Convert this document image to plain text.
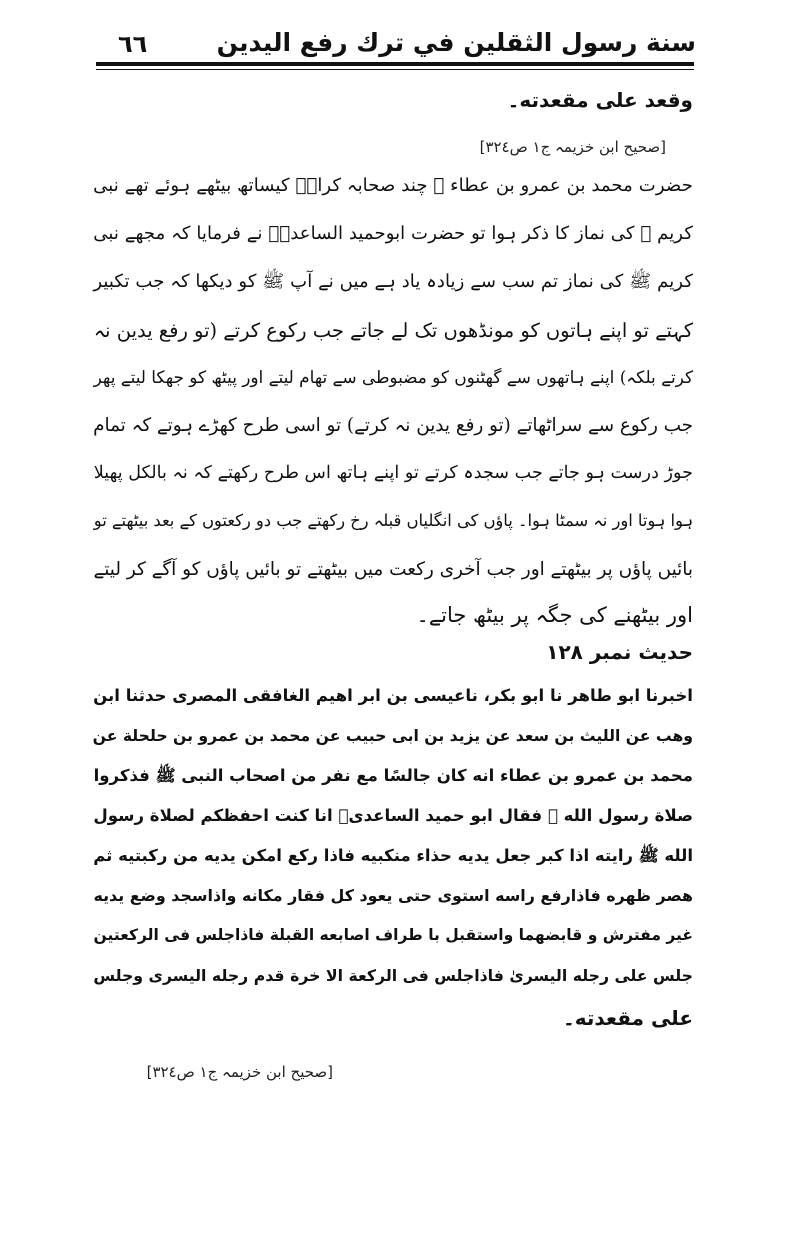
٦٦	سنة رسول الثقلين في ترك رفع اليدين
وقعد علی مقعدته۔
[صحیح ابن خزیمہ ج۱ ص۳۲٤]
حضرت محمد بن عمرو بن عطاء ؒ چند صحابہ کرامؓ کیساتھ بیٹھے ہوئے تھے نبی
کریم ﷺ کی نماز کا ذکر ہوا تو حضرت ابوحمید الساعدیؓ نے فرمایا کہ مجھے نبی
کریم ﷺ کی نماز تم سب سے زیادہ یاد ہے میں نے آپ ﷺ کو دیکھا کہ جب تکبیر
کہتے تو اپنے ہاتوں کو مونڈھوں تک لے جاتے جب رکوع کرتے (تو رفع یدین نہ
کرتے بلکہ) اپنے ہاتھوں سے گھٹنوں کو مضبوطی سے تھام لیتے اور پیٹھ کو جھکا لیتے پھر
جب رکوع سے سراٹھاتے (تو رفع یدین نہ کرتے) تو اسی طرح کھڑے ہوتے کہ تمام
جوڑ درست ہو جاتے جب سجدہ کرتے تو اپنے ہاتھ اس طرح رکھتے کہ نہ بالکل پھیلا
ہوا ہوتا اور نہ سمٹا ہوا۔ پاؤں کی انگلیاں قبلہ رخ رکھتے جب دو رکعتوں کے بعد بیٹھتے تو
بائیں پاؤں پر بیٹھتے اور جب آخری رکعت میں بیٹھتے تو بائیں پاؤں کو آگے کر لیتے
اور بیٹھنے کی جگہ پر بیٹھ جاتے۔
حدیث نمبر ۱۲۸
اخبرنا ابو طاھر نا ابو بکر، ناعیسی بن ابر اھیم الغافقی المصری حدثنا ابن
وھب عن اللیث بن سعد عن یزید بن ابی حبیب عن محمد بن عمرو بن حلحلة عن
محمد بن عمرو بن عطاء انه كان جالسًا مع نفر من اصحاب النبی ﷺ فذکروا
صلاة رسول الله ﷺ فقال ابو حمید الساعدیؓ انا کنت احفظکم لصلاة رسول
الله ﷺ رایته اذا کبر جعل یدیه حذاء منکبیه فاذا رکع امکن یدیه من رکبتیه ثم
هصر ظهره فاذارفع راسه استوی حتی یعود کل فقار مکانه واذاسجد وضع یدیه
غیر مفترش و قابضهما واستقبل با طراف اصابعه القبلة فاذاجلس فی الرکعتین
جلس علی رجله الیسریٰ فاذاجلس فی الرکعة الا خرة قدم رجله الیسری وجلس
علی مقعدته۔
[صحیح ابن خزیمہ ج۱ ص۳۲٤]
